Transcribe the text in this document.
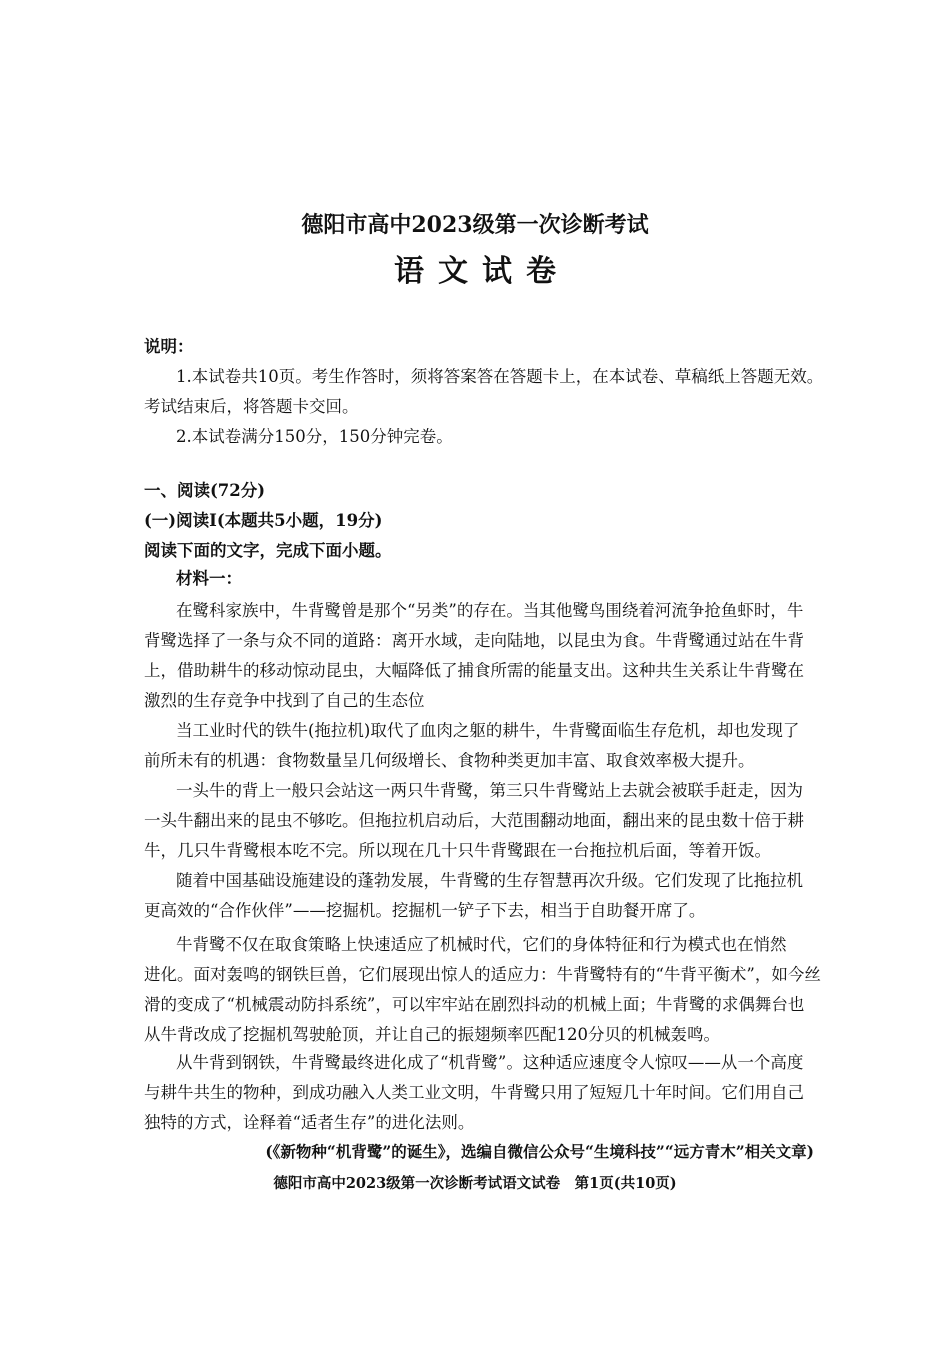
德阳市高中2023级第一次诊断考试
语文试卷
说明：
1.本试卷共10页。考生作答时，须将答案答在答题卡上，在本试卷、草稿纸上答题无效。
考试结束后，将答题卡交回。
2.本试卷满分150分，150分钟完卷。
一、阅读(72分)
(一)阅读Ⅰ(本题共5小题，19分)
阅读下面的文字，完成下面小题。
材料一：
在鹭科家族中，牛背鹭曾是那个“另类”的存在。当其他鹭鸟围绕着河流争抢鱼虾时，牛
背鹭选择了一条与众不同的道路：离开水域，走向陆地，以昆虫为食。牛背鹭通过站在牛背
上，借助耕牛的移动惊动昆虫，大幅降低了捕食所需的能量支出。这种共生关系让牛背鹭在
激烈的生存竞争中找到了自己的生态位
当工业时代的铁牛(拖拉机)取代了血肉之躯的耕牛，牛背鹭面临生存危机，却也发现了
前所未有的机遇：食物数量呈几何级增长、食物种类更加丰富、取食效率极大提升。
一头牛的背上一般只会站这一两只牛背鹭，第三只牛背鹭站上去就会被联手赶走，因为
一头牛翻出来的昆虫不够吃。但拖拉机启动后，大范围翻动地面，翻出来的昆虫数十倍于耕
牛，几只牛背鹭根本吃不完。所以现在几十只牛背鹭跟在一台拖拉机后面，等着开饭。
随着中国基础设施建设的蓬勃发展，牛背鹭的生存智慧再次升级。它们发现了比拖拉机
更高效的“合作伙伴”——挖掘机。挖掘机一铲子下去，相当于自助餐开席了。
牛背鹭不仅在取食策略上快速适应了机械时代，它们的身体特征和行为模式也在悄然
进化。面对轰鸣的钢铁巨兽，它们展现出惊人的适应力：牛背鹭特有的“牛背平衡术”，如今丝
滑的变成了“机械震动防抖系统”，可以牢牢站在剧烈抖动的机械上面；牛背鹭的求偶舞台也
从牛背改成了挖掘机驾驶舱顶，并让自己的振翅频率匹配120分贝的机械轰鸣。
从牛背到钢铁，牛背鹭最终进化成了“机背鹭”。这种适应速度令人惊叹——从一个高度
与耕牛共生的物种，到成功融入人类工业文明，牛背鹭只用了短短几十年时间。它们用自己
独特的方式，诠释着“适者生存”的进化法则。
(《新物种“机背鹭”的诞生》，选编自微信公众号“生境科技”“远方青木”相关文章)
德阳市高中2023级第一次诊断考试语文试卷　第1页(共10页)
